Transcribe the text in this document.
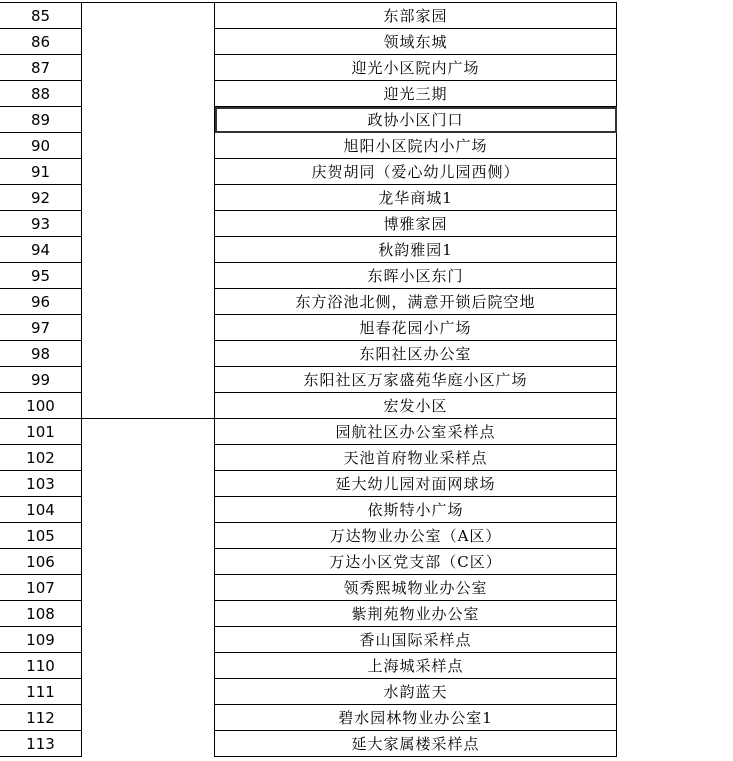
85	东部家园
86	领域东城
87	迎光小区院内广场
88	迎光三期
89	政协小区门口
90	旭阳小区院内小广场
91	庆贺胡同（爱心幼儿园西侧）
92	龙华商城1
93	博雅家园
94	秋韵雅园1
95	东晖小区东门
96	东方浴池北侧，满意开锁后院空地
97	旭春花园小广场
98	东阳社区办公室
99	东阳社区万家盛苑华庭小区广场
100	宏发小区
101	园航社区办公室采样点
102	天池首府物业采样点
103	延大幼儿园对面网球场
104	依斯特小广场
105	万达物业办公室（A区）
106	万达小区党支部（C区）
107	领秀熙城物业办公室
108	紫荆苑物业办公室
109	香山国际采样点
110	上海城采样点
111	水韵蓝天
112	碧水园林物业办公室1
113	延大家属楼采样点
